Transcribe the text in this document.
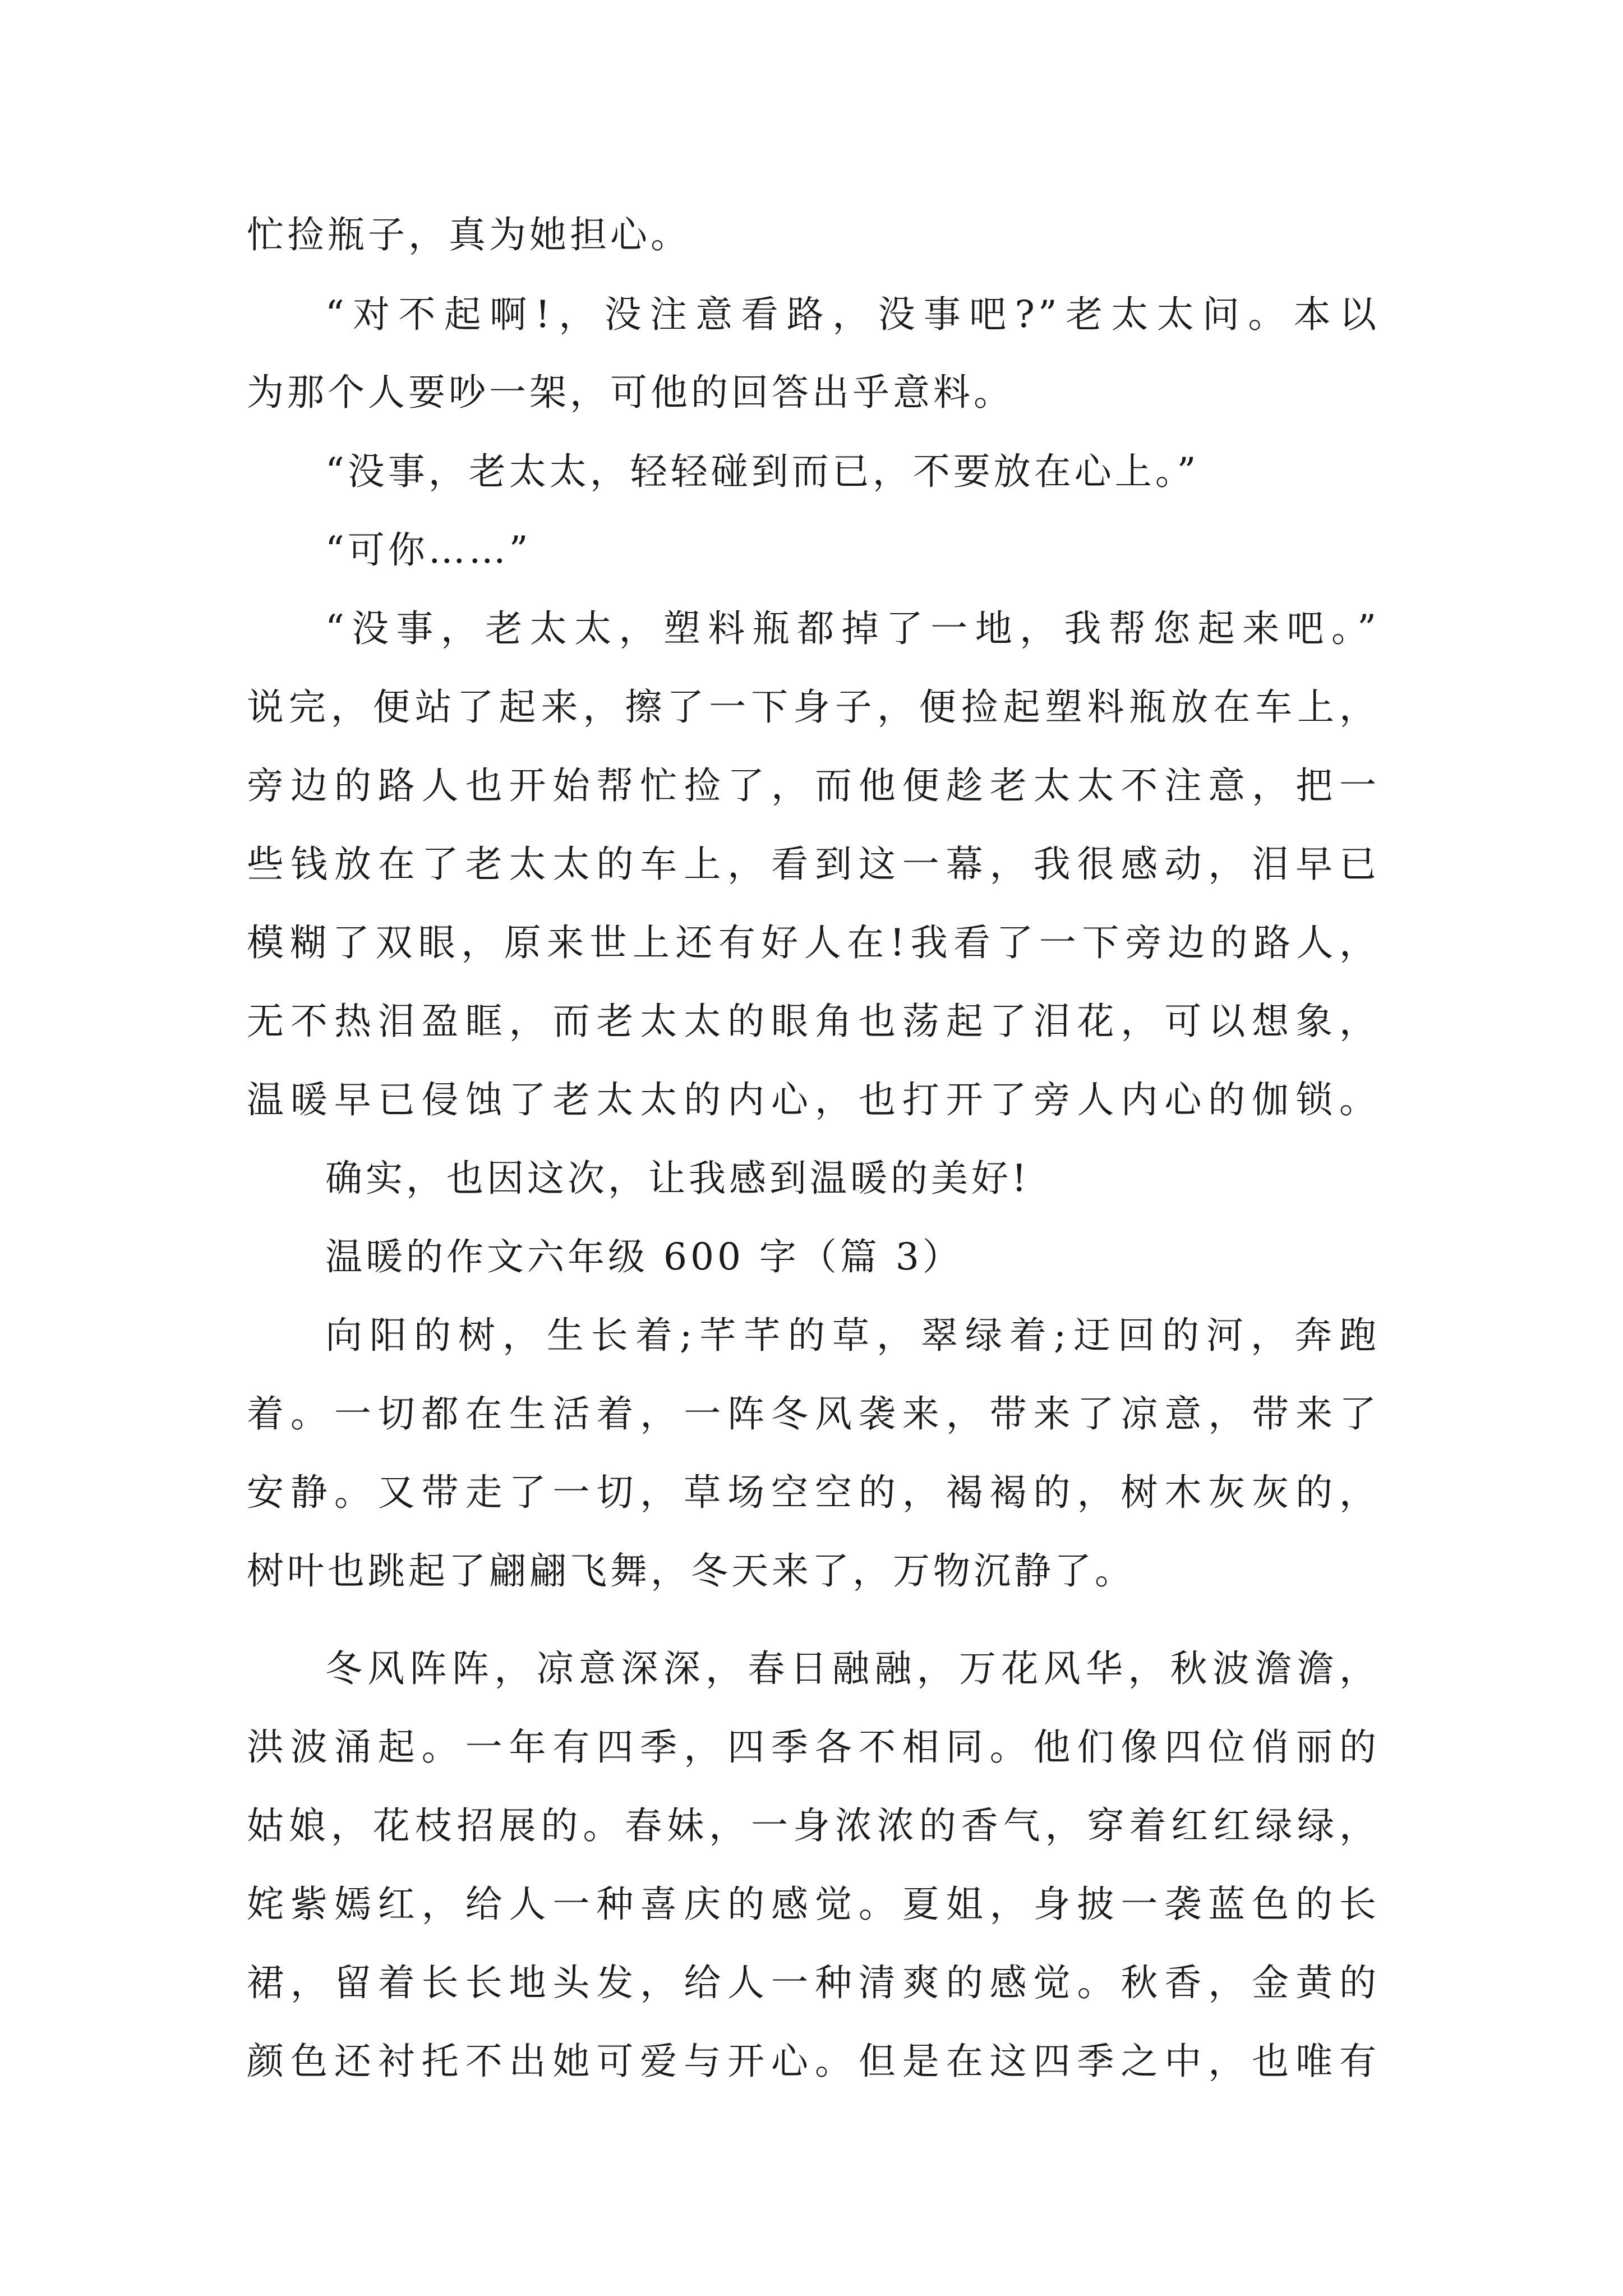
忙捡瓶子，真为她担心。
“对不起啊!，没注意看路，没事吧?”老太太问。本以
为那个人要吵一架，可他的回答出乎意料。
“没事，老太太，轻轻碰到而已，不要放在心上。”
“可你……”
“没事，老太太，塑料瓶都掉了一地，我帮您起来吧。”
说完，便站了起来，擦了一下身子，便捡起塑料瓶放在车上，
旁边的路人也开始帮忙捡了，而他便趁老太太不注意，把一
些钱放在了老太太的车上，看到这一幕，我很感动，泪早已
模糊了双眼，原来世上还有好人在!我看了一下旁边的路人，
无不热泪盈眶，而老太太的眼角也荡起了泪花，可以想象，
温暖早已侵蚀了老太太的内心，也打开了旁人内心的伽锁。
确实，也因这次，让我感到温暖的美好!
温暖的作文六年级 600 字（篇 3）
向阳的树，生长着;芊芊的草，翠绿着;迂回的河，奔跑
着。一切都在生活着，一阵冬风袭来，带来了凉意，带来了
安静。又带走了一切，草场空空的，褐褐的，树木灰灰的，
树叶也跳起了翩翩飞舞，冬天来了，万物沉静了。
冬风阵阵，凉意深深，春日融融，万花风华，秋波澹澹，
洪波涌起。一年有四季，四季各不相同。他们像四位俏丽的
姑娘，花枝招展的。春妹，一身浓浓的香气，穿着红红绿绿，
姹紫嫣红，给人一种喜庆的感觉。夏姐，身披一袭蓝色的长
裙，留着长长地头发，给人一种清爽的感觉。秋香，金黄的
颜色还衬托不出她可爱与开心。但是在这四季之中，也唯有
